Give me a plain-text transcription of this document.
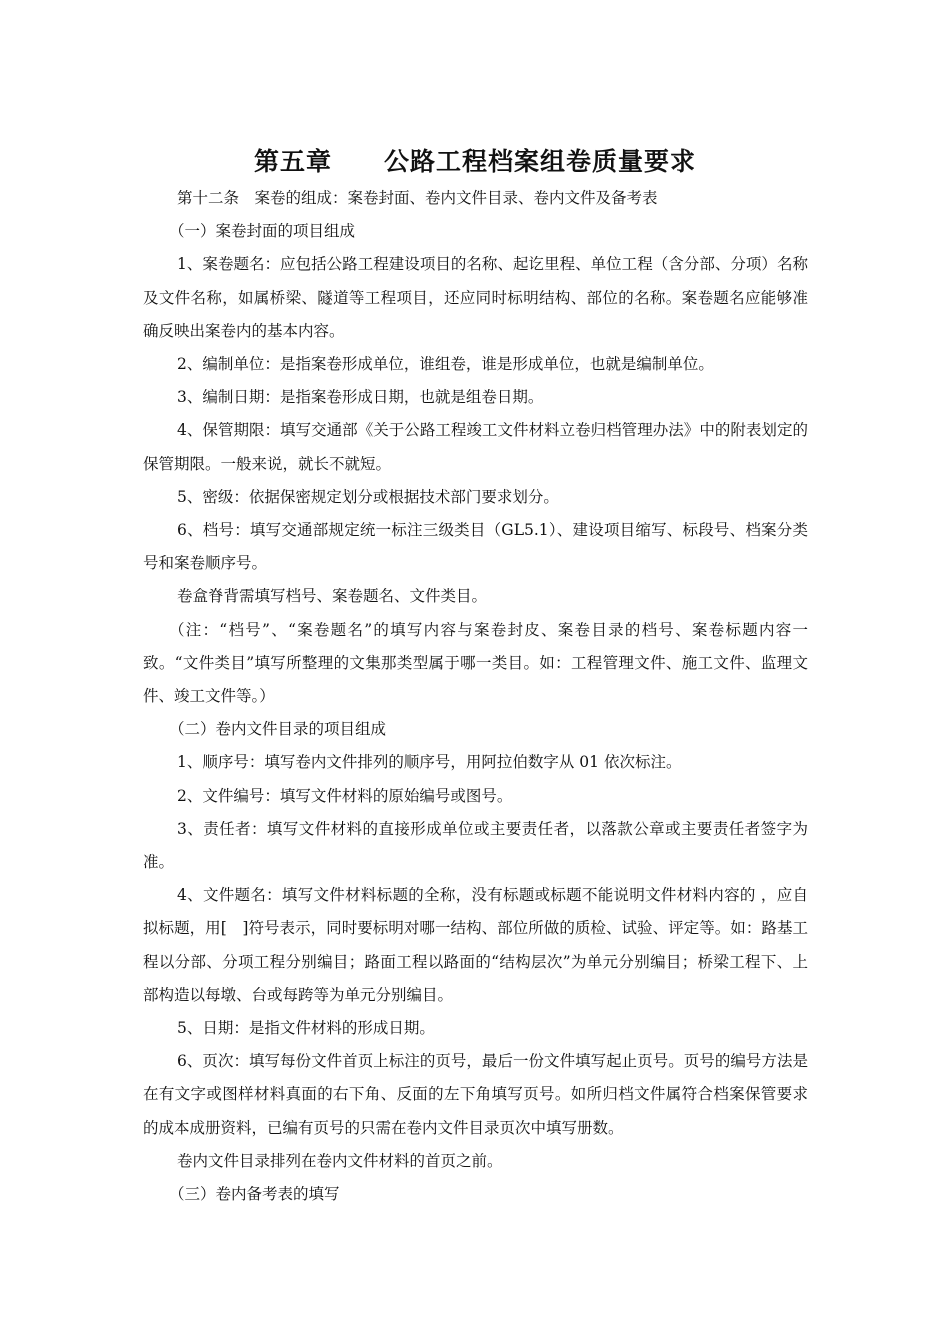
第五章　　公路工程档案组卷质量要求

第十二条　案卷的组成：案卷封面、卷内文件目录、卷内文件及备考表

（一）案卷封面的项目组成

1、案卷题名：应包括公路工程建设项目的名称、起讫里程、单位工程（含分部、分项）名称及文件名称，如属桥梁、隧道等工程项目，还应同时标明结构、部位的名称。案卷题名应能够准确反映出案卷内的基本内容。

2、编制单位：是指案卷形成单位，谁组卷，谁是形成单位，也就是编制单位。

3、编制日期：是指案卷形成日期，也就是组卷日期。

4、保管期限：填写交通部《关于公路工程竣工文件材料立卷归档管理办法》中的附表划定的保管期限。一般来说，就长不就短。

5、密级：依据保密规定划分或根据技术部门要求划分。

6、档号：填写交通部规定统一标注三级类目（GL5.1）、建设项目缩写、标段号、档案分类号和案卷顺序号。

卷盒脊背需填写档号、案卷题名、文件类目。

（注：“档号”、“案卷题名”的填写内容与案卷封皮、案卷目录的档号、案卷标题内容一致。“文件类目”填写所整理的文集那类型属于哪一类目。如：工程管理文件、施工文件、监理文件、竣工文件等。）

（二）卷内文件目录的项目组成

1、顺序号：填写卷内文件排列的顺序号，用阿拉伯数字从 01 依次标注。

2、文件编号：填写文件材料的原始编号或图号。

3、责任者：填写文件材料的直接形成单位或主要责任者，以落款公章或主要责任者签字为准。

4、文件题名：填写文件材料标题的全称，没有标题或标题不能说明文件材料内容的 ，应自拟标题，用[　]符号表示，同时要标明对哪一结构、部位所做的质检、试验、评定等。如：路基工程以分部、分项工程分别编目；路面工程以路面的“结构层次”为单元分别编目；桥梁工程下、上部构造以每墩、台或每跨等为单元分别编目。

5、日期：是指文件材料的形成日期。

6、页次：填写每份文件首页上标注的页号，最后一份文件填写起止页号。页号的编号方法是在有文字或图样材料真面的右下角、反面的左下角填写页号。如所归档文件属符合档案保管要求的成本成册资料，已编有页号的只需在卷内文件目录页次中填写册数。

卷内文件目录排列在卷内文件材料的首页之前。

（三）卷内备考表的填写
